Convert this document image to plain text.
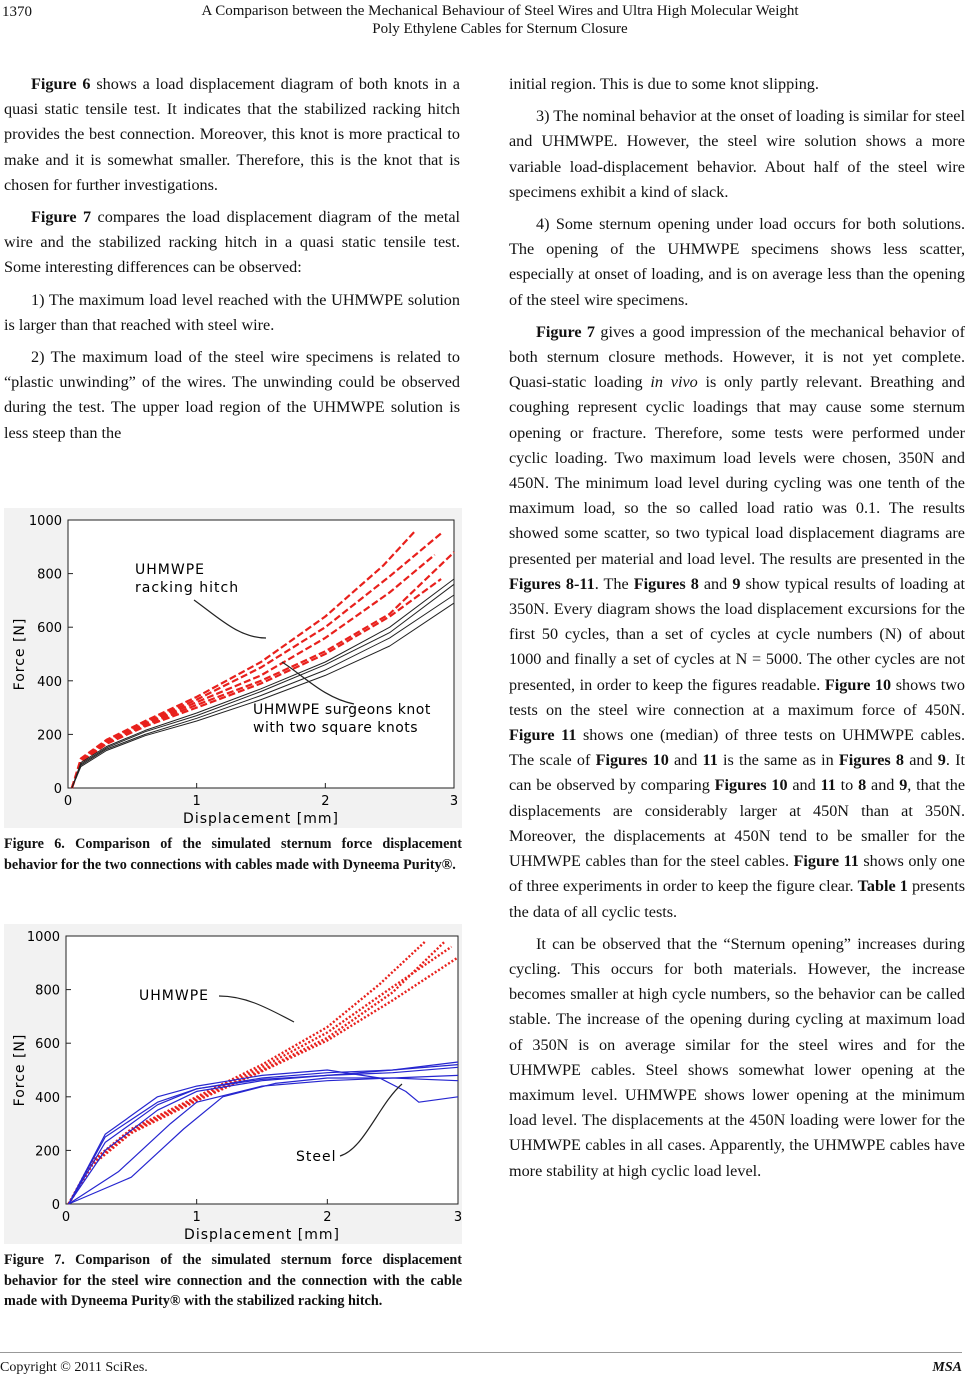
1370	A Comparison between the Mechanical Behaviour of Steel Wires and Ultra High Molecular Weight
Poly Ethylene Cables for Sternum Closure

Figure 6 shows a load displacement diagram of both knots in a quasi static tensile test. It indicates that the stabilized racking hitch provides the best connection. Moreover, this knot is more practical to make and it is somewhat smaller. Therefore, this is the knot that is chosen for further investigations.

Figure 7 compares the load displacement diagram of the metal wire and the stabilized racking hitch in a quasi static tensile test. Some interesting differences can be observed:

1) The maximum load level reached with the UHMWPE solution is larger than that reached with steel wire.

2) The maximum load of the steel wire specimens is related to “plastic unwinding” of the wires. The unwinding could be observed during the test. The upper load region of the UHMWPE solution is less steep than the

0
200
400
600
800
1000
0	1	2	3
Force [N]
Displacement [mm]
UHMWPE
racking hitch
UHMWPE surgeons knot
with two square knots
Figure 6. Comparison of the simulated sternum force displacement behavior for the two connections with cables made with Dyneema Purity®.
0
200
400
600
800
1000
0	1	2	3
Force [N]
Displacement [mm]
UHMWPE
Steel
Figure 7. Comparison of the simulated sternum force displacement behavior for the steel wire connection and the connection with the cable made with Dyneema Purity® with the stabilized racking hitch.

initial region. This is due to some knot slipping.

3) The nominal behavior at the onset of loading is similar for steel and UHMWPE. However, the steel wire solution shows a more variable load-displacement behavior. About half of the steel wire specimens exhibit a kind of slack.

4) Some sternum opening under load occurs for both solutions. The opening of the UHMWPE specimens shows less scatter, especially at onset of loading, and is on average less than the opening of the steel wire specimens.

Figure 7 gives a good impression of the mechanical behavior of both sternum closure methods. However, it is not yet complete. Quasi-static loading in vivo is only partly relevant. Breathing and coughing represent cyclic loadings that may cause some sternum opening or fracture. Therefore, some tests were performed under cyclic loading. Two maximum load levels were chosen, 350N and 450N. The minimum load level during cycling was one tenth of the maximum load, so the so called load ratio was 0.1. The results showed some scatter, so two typical load displacement diagrams are presented per material and load level. The results are presented in the Figures 8-11. The Figures 8 and 9 show typical results of loading at 350N. Every diagram shows the load displacement excursions for the first 50 cycles, than a set of cycles at cycle numbers (N) of about 1000 and finally a set of cycles at N = 5000. The other cycles are not presented, in order to keep the figures readable. Figure 10 shows two tests on the steel wire connection at a maximum force of 450N. Figure 11 shows one (median) of three tests on UHMWPE cables. The scale of Figures 10 and 11 is the same as in Figures 8 and 9. It can be observed by comparing Figures 10 and 11 to 8 and 9, that the displacements are considerably larger at 450N than at 350N. Moreover, the displacements at 450N tend to be smaller for the UHMWPE cables than for the steel cables. Figure 11 shows only one of three experiments in order to keep the figure clear. Table 1 presents the data of all cyclic tests.

It can be observed that the “Sternum opening” increases during cycling. This occurs for both materials. However, the increase becomes smaller at high cycle numbers, so the behavior can be called stable. The increase of the opening during cycling at maximum load of 350N is on average similar for the steel wires and for the UHMWPE cables. Steel shows somewhat lower opening at the maximum level. UHMWPE shows lower opening at the minimum load level. The displacements at the 450N loading were lower for the UHMWPE cables in all cases. Apparently, the UHMWPE cables have more stability at high cyclic load level.

Copyright © 2011 SciRes.	MSA
